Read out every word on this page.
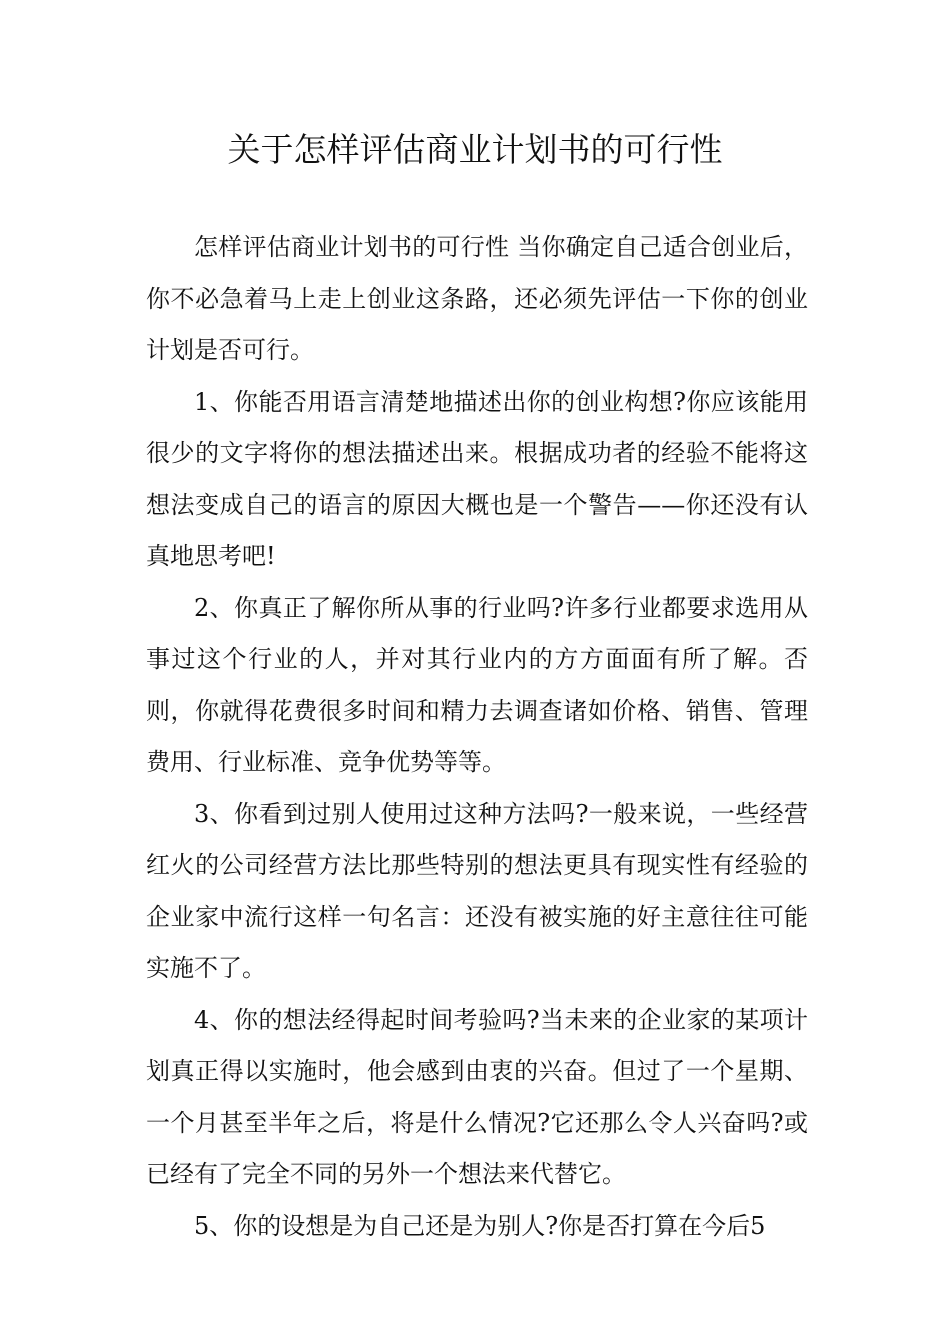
关于怎样评估商业计划书的可行性

怎样评估商业计划书的可行性 当你确定自己适合创业后，你不必急着马上走上创业这条路，还必须先评估一下你的创业计划是否可行。

1、你能否用语言清楚地描述出你的创业构想?你应该能用很少的文字将你的想法描述出来。根据成功者的经验不能将这想法变成自己的语言的原因大概也是一个警告——你还没有认真地思考吧!

2、你真正了解你所从事的行业吗?许多行业都要求选用从事过这个行业的人，并对其行业内的方方面面有所了解。否则，你就得花费很多时间和精力去调查诸如价格、销售、管理费用、行业标准、竞争优势等等。

3、你看到过别人使用过这种方法吗?一般来说，一些经营红火的公司经营方法比那些特别的想法更具有现实性有经验的企业家中流行这样一句名言：还没有被实施的好主意往往可能实施不了。

4、你的想法经得起时间考验吗?当未来的企业家的某项计划真正得以实施时，他会感到由衷的兴奋。但过了一个星期、一个月甚至半年之后，将是什么情况?它还那么令人兴奋吗?或已经有了完全不同的另外一个想法来代替它。

5、你的设想是为自己还是为别人?你是否打算在今后5
